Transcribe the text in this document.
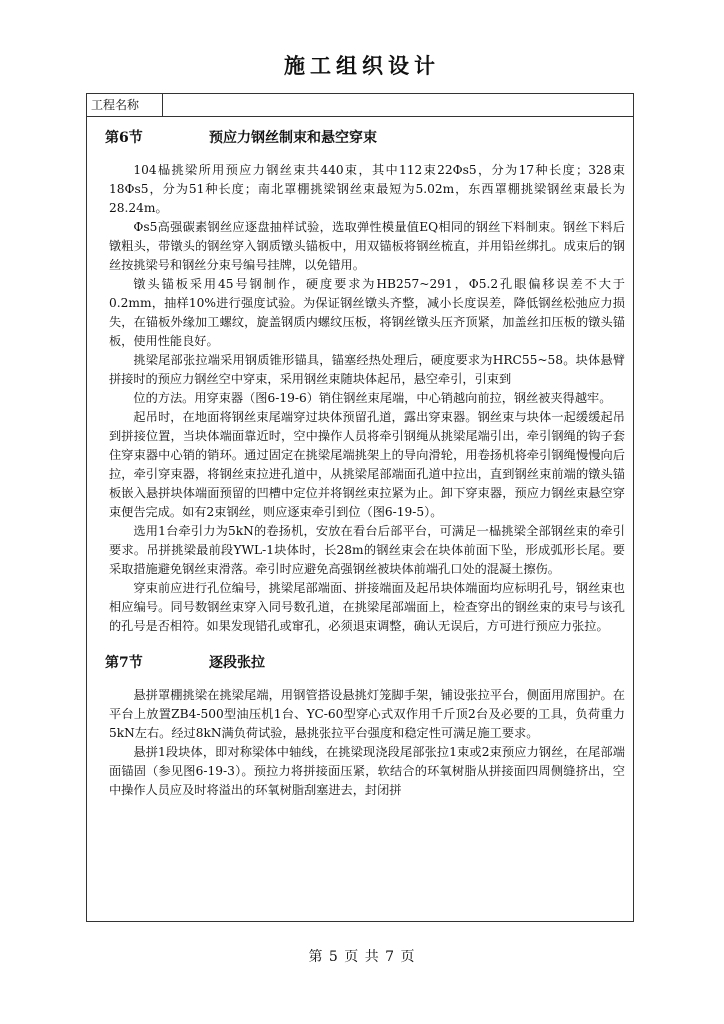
施工组织设计
工程名称
第6节	预应力钢丝制束和悬空穿束

104榀挑梁所用预应力钢丝束共440束，其中112束22Φs5，分为17种长度；328束18Φs5，分为51种长度；南北罩棚挑梁钢丝束最短为5.02m，东西罩棚挑梁钢丝束最长为28.24m。

Φs5高强碳素钢丝应逐盘抽样试验，选取弹性模量值EQ相同的钢丝下料制束。钢丝下料后镦粗头，带镦头的钢丝穿入钢质镦头锚板中，用双锚板将钢丝梳直，并用铅丝绑扎。成束后的钢丝按挑梁号和钢丝分束号编号挂牌，以免错用。

镦头锚板采用45号钢制作，硬度要求为HB257~291，Φ5.2孔眼偏移误差不大于0.2mm，抽样10%进行强度试验。为保证钢丝镦头齐整，减小长度误差，降低钢丝松弛应力损失，在锚板外缘加工螺纹，旋盖钢质内螺纹压板，将钢丝镦头压齐顶紧，加盖丝扣压板的镦头锚板，使用性能良好。

挑梁尾部张拉端采用钢质锥形锚具，锚塞经热处理后，硬度要求为HRC55~58。块体悬臂拼接时的预应力钢丝空中穿束，采用钢丝束随块体起吊，悬空牵引，引束到

位的方法。用穿束器（图6-19-6）销住钢丝束尾端，中心销越向前拉，钢丝被夹得越牢。

起吊时，在地面将钢丝束尾端穿过块体预留孔道，露出穿束器。钢丝束与块体一起缓缓起吊到拼接位置，当块体端面靠近时，空中操作人员将牵引钢绳从挑梁尾端引出，牵引钢绳的钩子套住穿束器中心销的销环。通过固定在挑梁尾端挑架上的导向滑轮，用卷扬机将牵引钢绳慢慢向后拉，牵引穿束器，将钢丝束拉进孔道中，从挑梁尾部端面孔道中拉出，直到钢丝束前端的镦头锚板嵌入悬拼块体端面预留的凹槽中定位并将钢丝束拉紧为止。卸下穿束器，预应力钢丝束悬空穿束便告完成。如有2束钢丝，则应逐束牵引到位（图6-19-5）。

选用1台牵引力为5kN的卷扬机，安放在看台后部平台，可满足一榀挑梁全部钢丝束的牵引要求。吊拼挑梁最前段YWL-1块体时，长28m的钢丝束会在块体前面下坠，形成弧形长尾。要采取措施避免钢丝束滑落。牵引时应避免高强钢丝被块体前端孔口处的混凝土擦伤。

穿束前应进行孔位编号，挑梁尾部端面、拼接端面及起吊块体端面均应标明孔号，钢丝束也相应编号。同号数钢丝束穿入同号数孔道，在挑梁尾部端面上，检查穿出的钢丝束的束号与该孔的孔号是否相符。如果发现错孔或窜孔，必须退束调整，确认无误后，方可进行预应力张拉。

第7节	逐段张拉

悬拼罩棚挑梁在挑梁尾端，用钢管搭设悬挑灯笼脚手架，铺设张拉平台，侧面用席围护。在平台上放置ZB4-500型油压机1台、YC-60型穿心式双作用千斤顶2台及必要的工具，负荷重力5kN左右。经过8kN满负荷试验，悬挑张拉平台强度和稳定性可满足施工要求。

悬拼1段块体，即对称梁体中轴线，在挑梁现浇段尾部张拉1束或2束预应力钢丝，在尾部端面锚固（参见图6-19-3）。预拉力将拼接面压紧，软结合的环氧树脂从拼接面四周侧缝挤出，空中操作人员应及时将溢出的环氧树脂刮塞进去，封闭拼

第 5 页 共 7 页
